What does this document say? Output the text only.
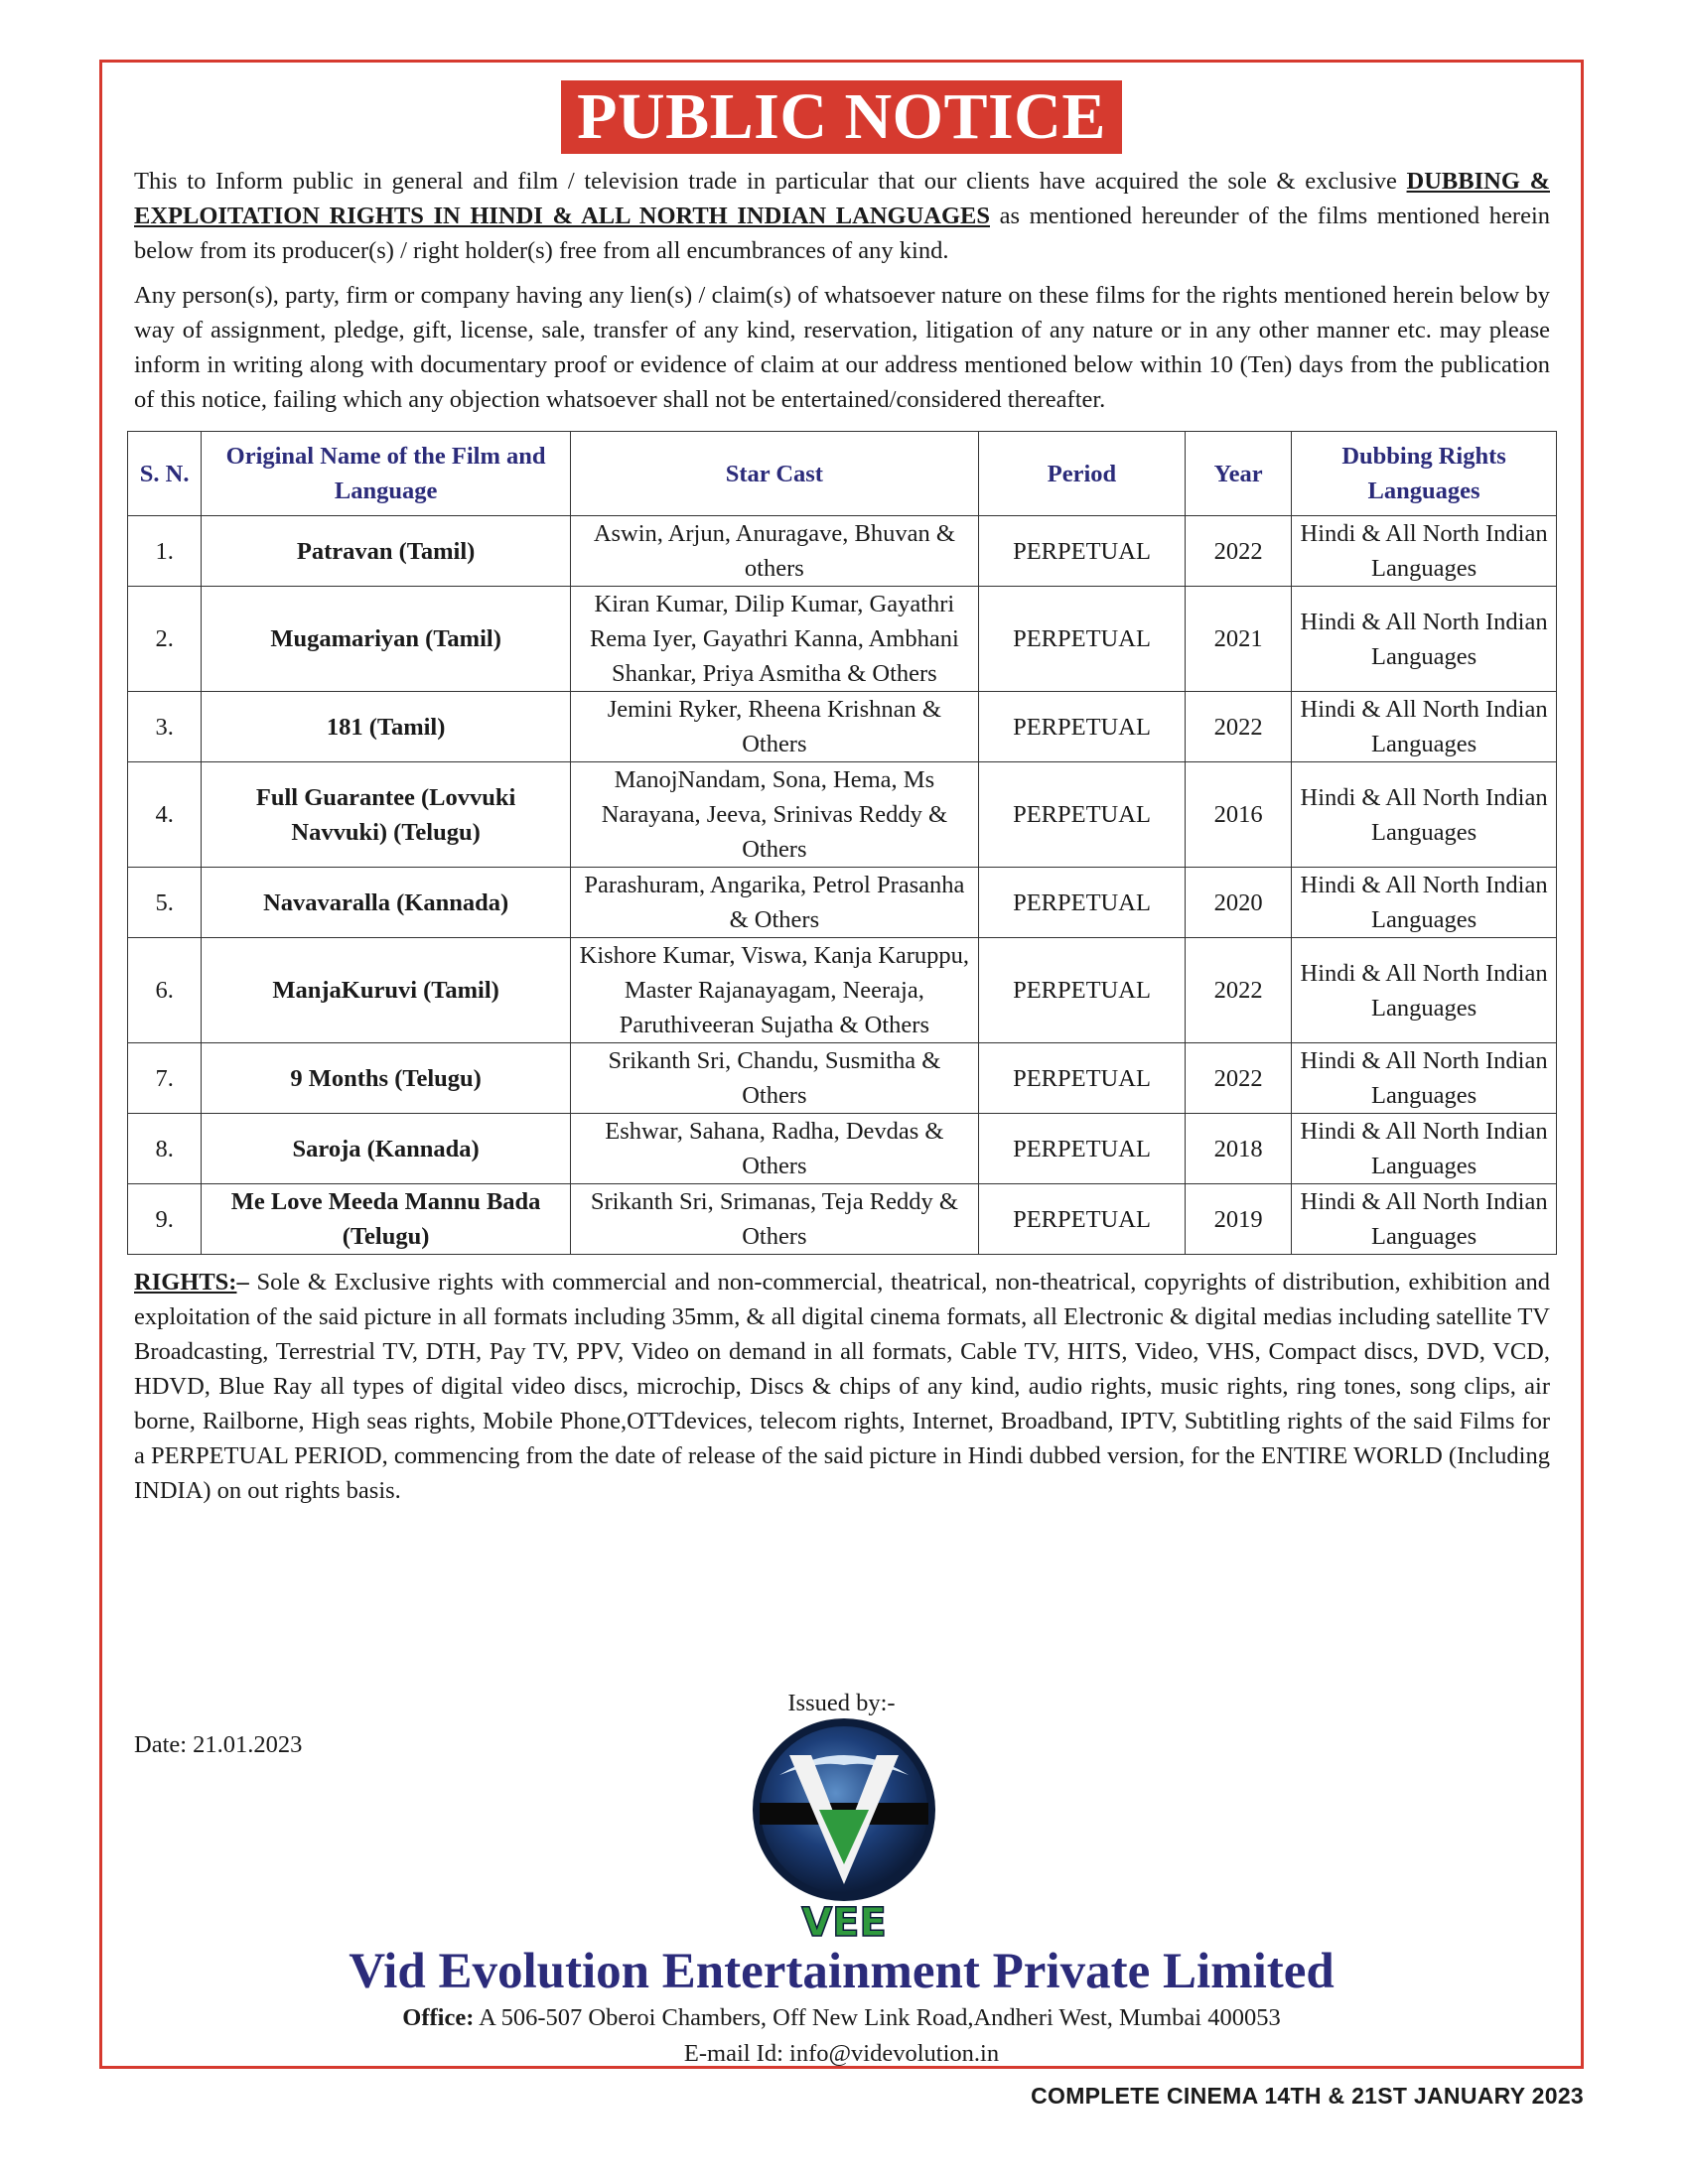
PUBLIC NOTICE

This to Inform public in general and film / television trade in particular that our clients have acquired the sole & exclusive DUBBING & EXPLOITATION RIGHTS IN HINDI & ALL NORTH INDIAN LANGUAGES as mentioned hereunder of the films mentioned herein below from its producer(s) / right holder(s) free from all encumbrances of any kind.

Any person(s), party, firm or company having any lien(s) / claim(s) of whatsoever nature on these films for the rights mentioned herein below by way of assignment, pledge, gift, license, sale, transfer of any kind, reservation, litigation of any nature or in any other manner etc. may please inform in writing along with documentary proof or evidence of claim at our address mentioned below within 10 (Ten) days from the publication of this notice, failing which any objection whatsoever shall not be entertained/considered thereafter.

S. N.	Original Name of the Film and Language	Star Cast	Period	Year	Dubbing Rights Languages
1.	Patravan (Tamil)	Aswin, Arjun, Anuragave, Bhuvan & others	PERPETUAL	2022	Hindi & All North Indian Languages
2.	Mugamariyan (Tamil)	Kiran Kumar, Dilip Kumar, Gayathri Rema Iyer, Gayathri Kanna, Ambhani Shankar, Priya Asmitha & Others	PERPETUAL	2021	Hindi & All North Indian Languages
3.	181 (Tamil)	Jemini Ryker, Rheena Krishnan & Others	PERPETUAL	2022	Hindi & All North Indian Languages
4.	Full Guarantee (Lovvuki Navvuki) (Telugu)	ManojNandam, Sona, Hema, Ms Narayana, Jeeva, Srinivas Reddy & Others	PERPETUAL	2016	Hindi & All North Indian Languages
5.	Navavaralla (Kannada)	Parashuram, Angarika, Petrol Prasanha & Others	PERPETUAL	2020	Hindi & All North Indian Languages
6.	ManjaKuruvi (Tamil)	Kishore Kumar, Viswa, Kanja Karuppu, Master Rajanayagam, Neeraja, Paruthiveeran Sujatha & Others	PERPETUAL	2022	Hindi & All North Indian Languages
7.	9 Months (Telugu)	Srikanth Sri, Chandu, Susmitha & Others	PERPETUAL	2022	Hindi & All North Indian Languages
8.	Saroja (Kannada)	Eshwar, Sahana, Radha, Devdas & Others	PERPETUAL	2018	Hindi & All North Indian Languages
9.	Me Love Meeda Mannu Bada (Telugu)	Srikanth Sri, Srimanas, Teja Reddy & Others	PERPETUAL	2019	Hindi & All North Indian Languages

RIGHTS:– Sole & Exclusive rights with commercial and non-commercial, theatrical, non-theatrical, copyrights of distribution, exhibition and exploitation of the said picture in all formats including 35mm, & all digital cinema formats, all Electronic & digital medias including satellite TV Broadcasting, Terrestrial TV, DTH, Pay TV, PPV, Video on demand in all formats, Cable TV, HITS, Video, VHS, Compact discs, DVD, VCD, HDVD, Blue Ray all types of digital video discs, microchip, Discs & chips of any kind, audio rights, music rights, ring tones, song clips, air borne, Railborne, High seas rights, Mobile Phone,OTTdevices, telecom rights, Internet, Broadband, IPTV, Subtitling rights of the said Films for a PERPETUAL PERIOD, commencing from the date of release of the said picture in Hindi dubbed version, for the ENTIRE WORLD (Including INDIA) on out rights basis.

Issued by:-
Date: 21.01.2023
VEE
Vid Evolution Entertainment Private Limited
Office: A 506-507 Oberoi Chambers, Off New Link Road,Andheri West, Mumbai 400053
E-mail Id: info@videvolution.in
COMPLETE CINEMA 14TH & 21ST JANUARY 2023
